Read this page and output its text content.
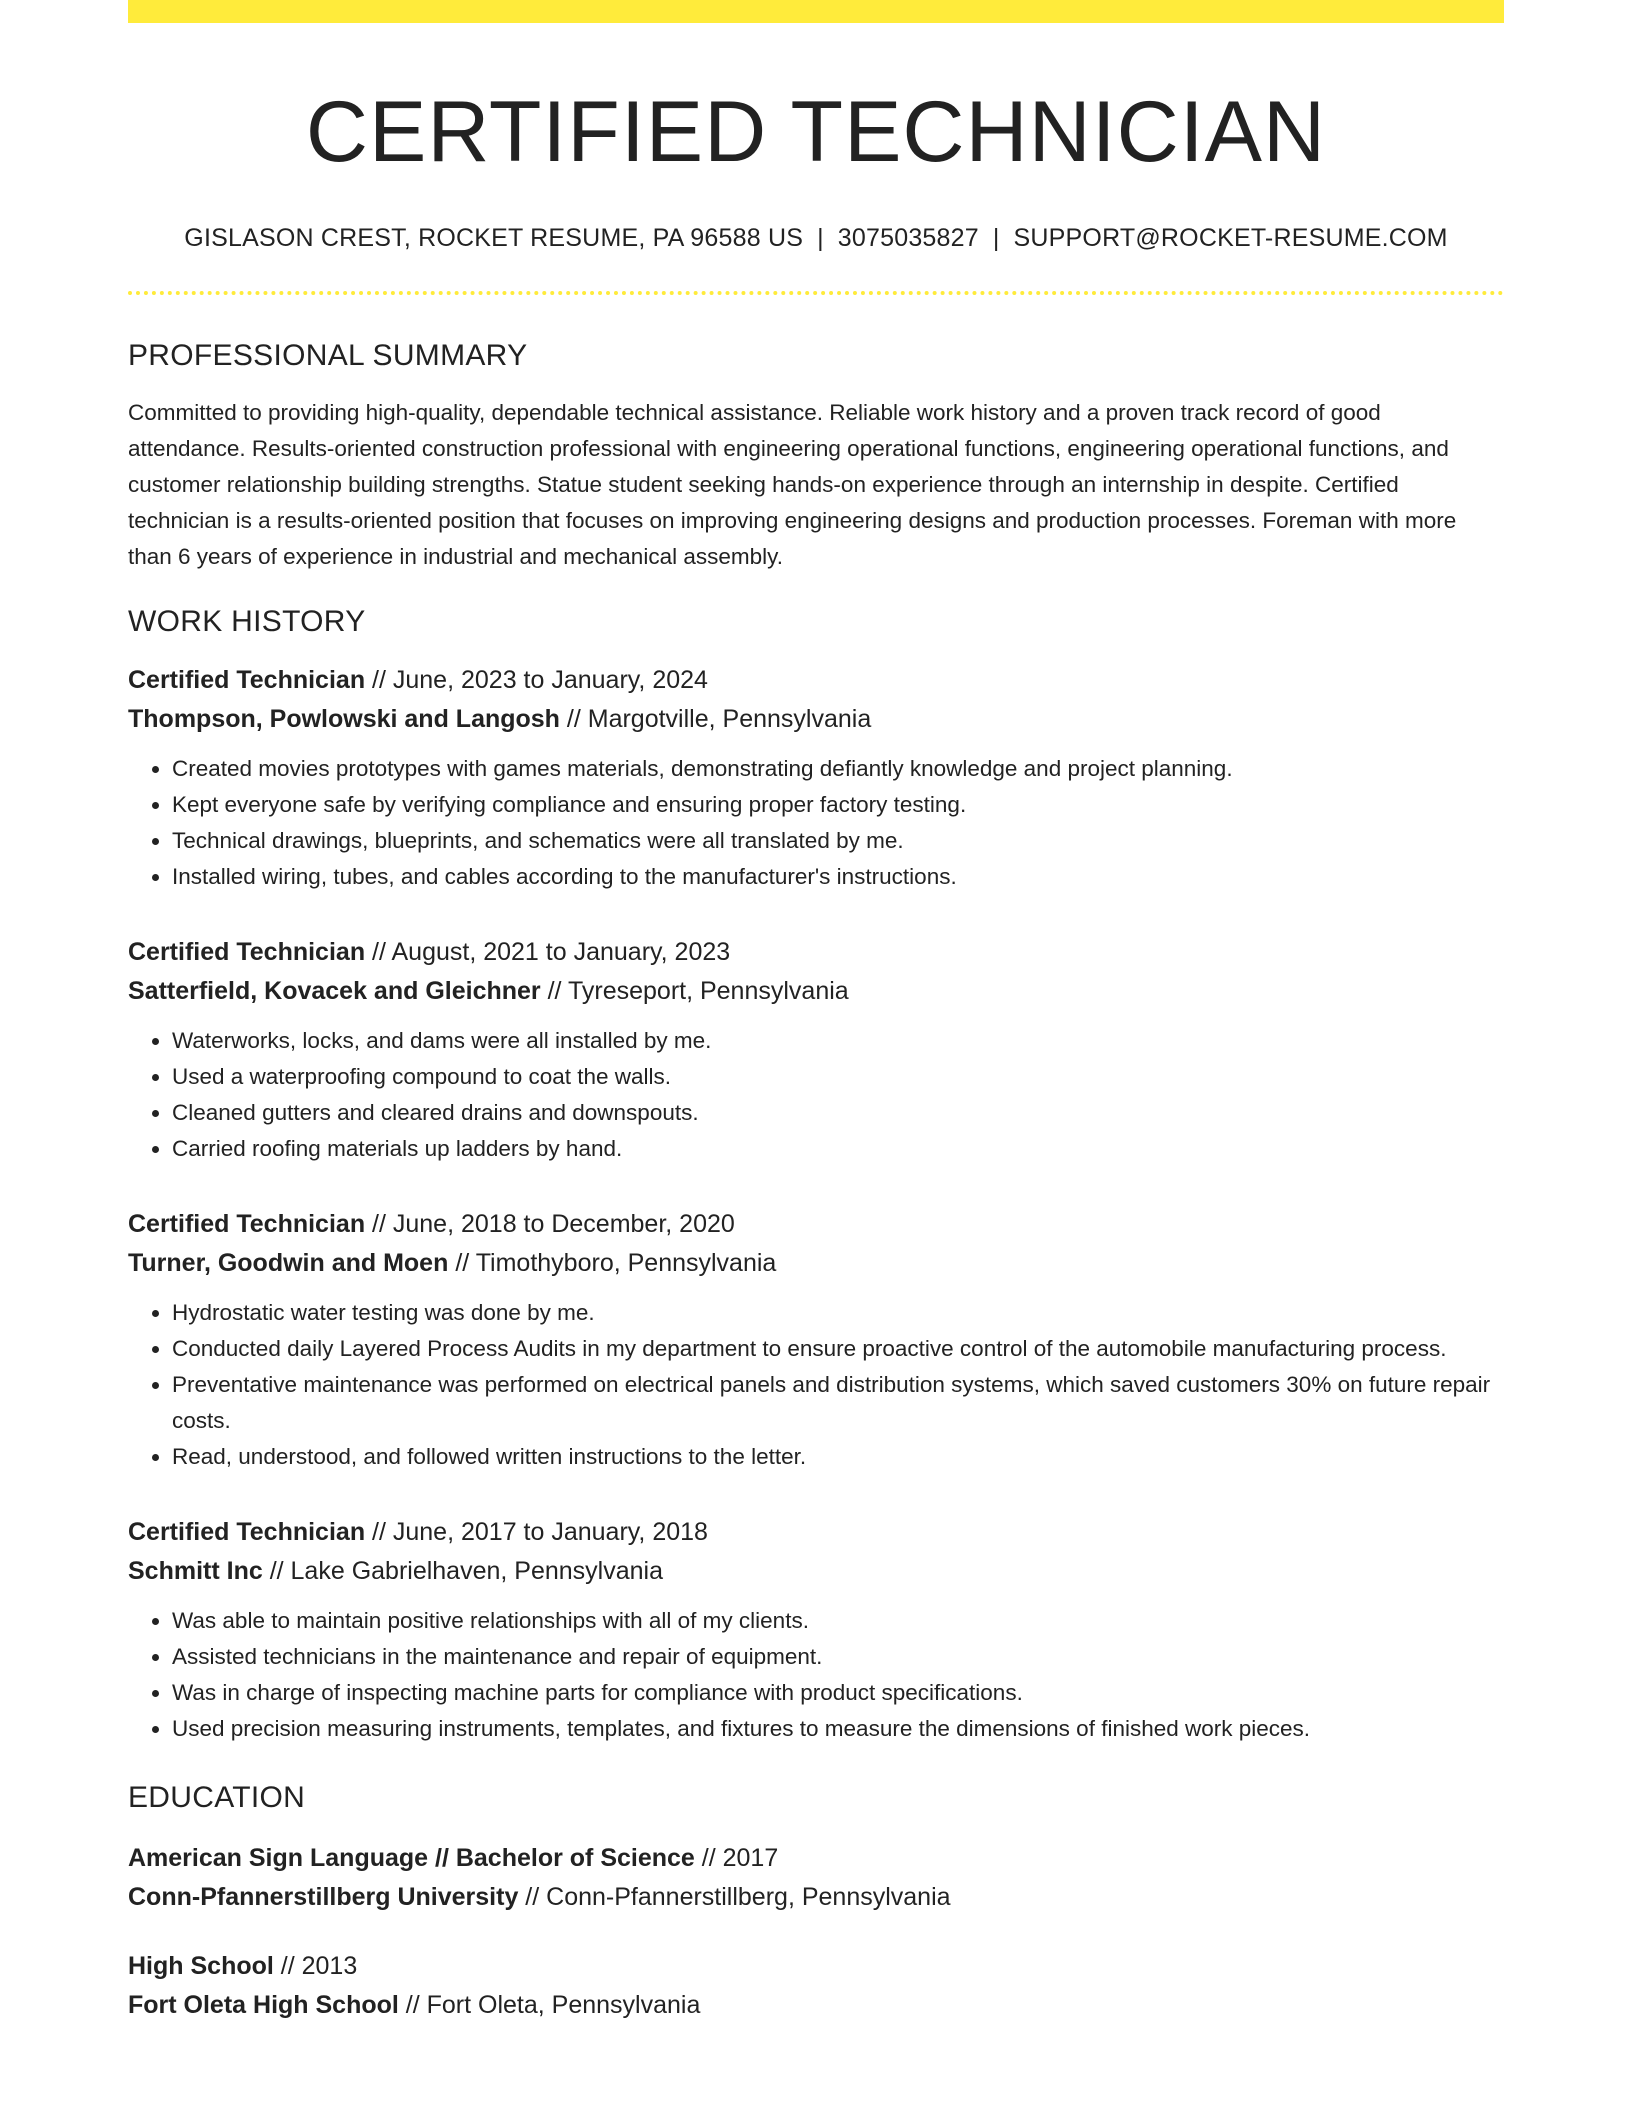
CERTIFIED TECHNICIAN
GISLASON CREST, ROCKET RESUME, PA 96588 US | 3075035827 | SUPPORT@ROCKET-RESUME.COM
PROFESSIONAL SUMMARY
Committed to providing high-quality, dependable technical assistance. Reliable work history and a proven track record of good attendance. Results-oriented construction professional with engineering operational functions, engineering operational functions, and customer relationship building strengths. Statue student seeking hands-on experience through an internship in despite. Certified technician is a results-oriented position that focuses on improving engineering designs and production processes. Foreman with more than 6 years of experience in industrial and mechanical assembly.
WORK HISTORY
Certified Technician // June, 2023 to January, 2024
Thompson, Powlowski and Langosh // Margotville, Pennsylvania
• Created movies prototypes with games materials, demonstrating defiantly knowledge and project planning.
• Kept everyone safe by verifying compliance and ensuring proper factory testing.
• Technical drawings, blueprints, and schematics were all translated by me.
• Installed wiring, tubes, and cables according to the manufacturer's instructions.
Certified Technician // August, 2021 to January, 2023
Satterfield, Kovacek and Gleichner // Tyreseport, Pennsylvania
• Waterworks, locks, and dams were all installed by me.
• Used a waterproofing compound to coat the walls.
• Cleaned gutters and cleared drains and downspouts.
• Carried roofing materials up ladders by hand.
Certified Technician // June, 2018 to December, 2020
Turner, Goodwin and Moen // Timothyboro, Pennsylvania
• Hydrostatic water testing was done by me.
• Conducted daily Layered Process Audits in my department to ensure proactive control of the automobile manufacturing process.
• Preventative maintenance was performed on electrical panels and distribution systems, which saved customers 30% on future repair costs.
• Read, understood, and followed written instructions to the letter.
Certified Technician // June, 2017 to January, 2018
Schmitt Inc // Lake Gabrielhaven, Pennsylvania
• Was able to maintain positive relationships with all of my clients.
• Assisted technicians in the maintenance and repair of equipment.
• Was in charge of inspecting machine parts for compliance with product specifications.
• Used precision measuring instruments, templates, and fixtures to measure the dimensions of finished work pieces.
EDUCATION
American Sign Language // Bachelor of Science // 2017
Conn-Pfannerstillberg University // Conn-Pfannerstillberg, Pennsylvania
High School // 2013
Fort Oleta High School // Fort Oleta, Pennsylvania
